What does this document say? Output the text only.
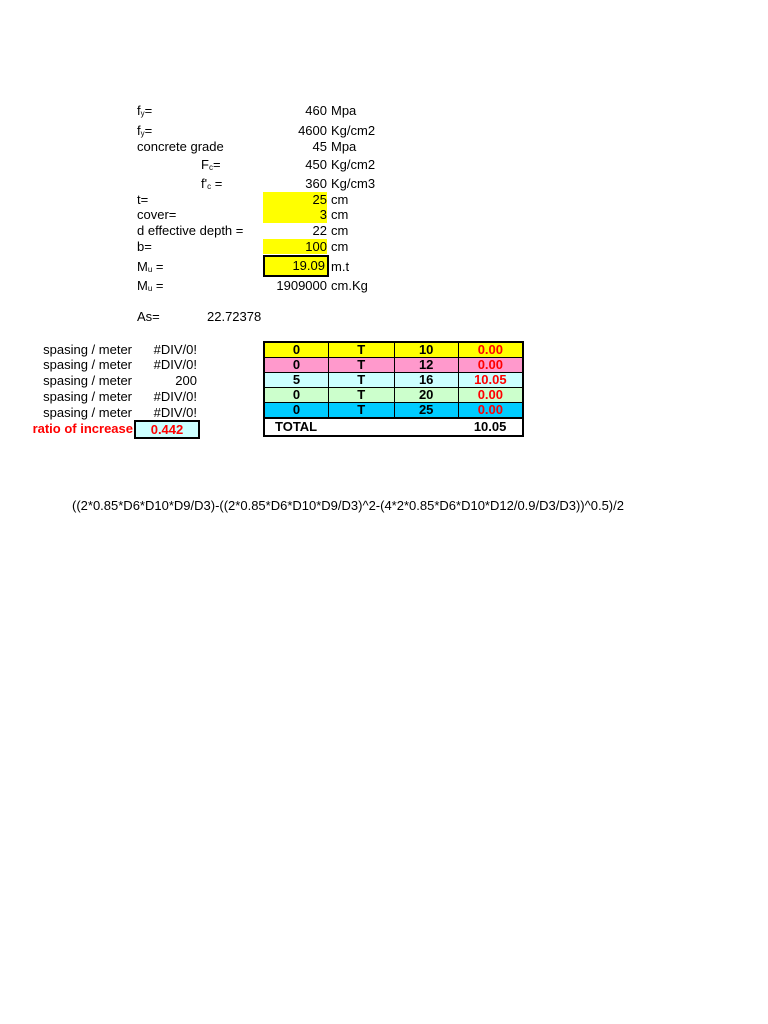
$f_y=$	460 Mpa
$f_y=$	4600 Kg/cm2
concrete grade	45 Mpa
$F_c=$	450 Kg/cm2
$f'_c$ =	360 Kg/cm3
t=	25 cm
cover=	3 cm
d effective depth =	22 cm
b=	100 cm
$M_u$ =	19.09 m.t
$M_u$ =	1909000 cm.Kg
As=	22.72378
spasing / meter #DIV/0!
spasing / meter #DIV/0!
spasing / meter	200
spasing / meter #DIV/0!
spasing / meter #DIV/0!
ratio of increase	0.442
0	T	10	0.00
0	T	12	0.00
5	T	16	10.05
0	T	20	0.00
0	T	25	0.00
TOTAL			10.05
((2*0.85*D6*D10*D9/D3)-((2*0.85*D6*D10*D9/D3)^2-(4*2*0.85*D6*D10*D12/0.9/D3/D3))^0.5)/2
